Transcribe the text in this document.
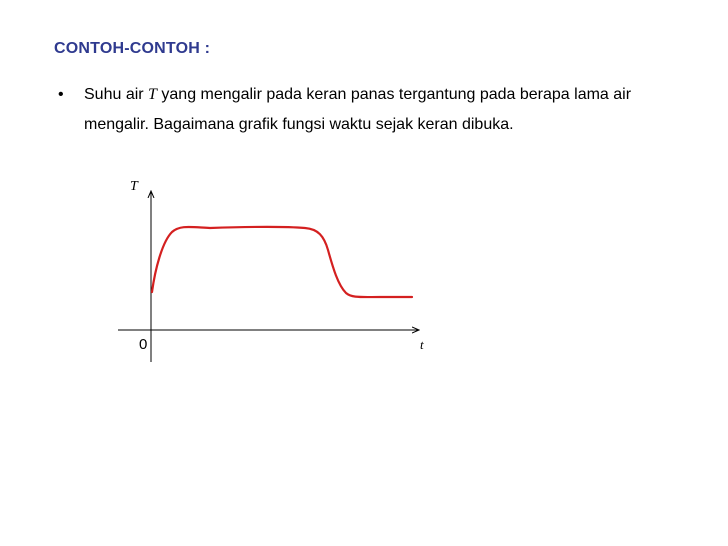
CONTOH-CONTOH :
• Suhu air T yang mengalir pada keran panas tergantung pada berapa lama air mengalir. Bagaimana grafik fungsi waktu sejak keran dibuka.
T
t
0
